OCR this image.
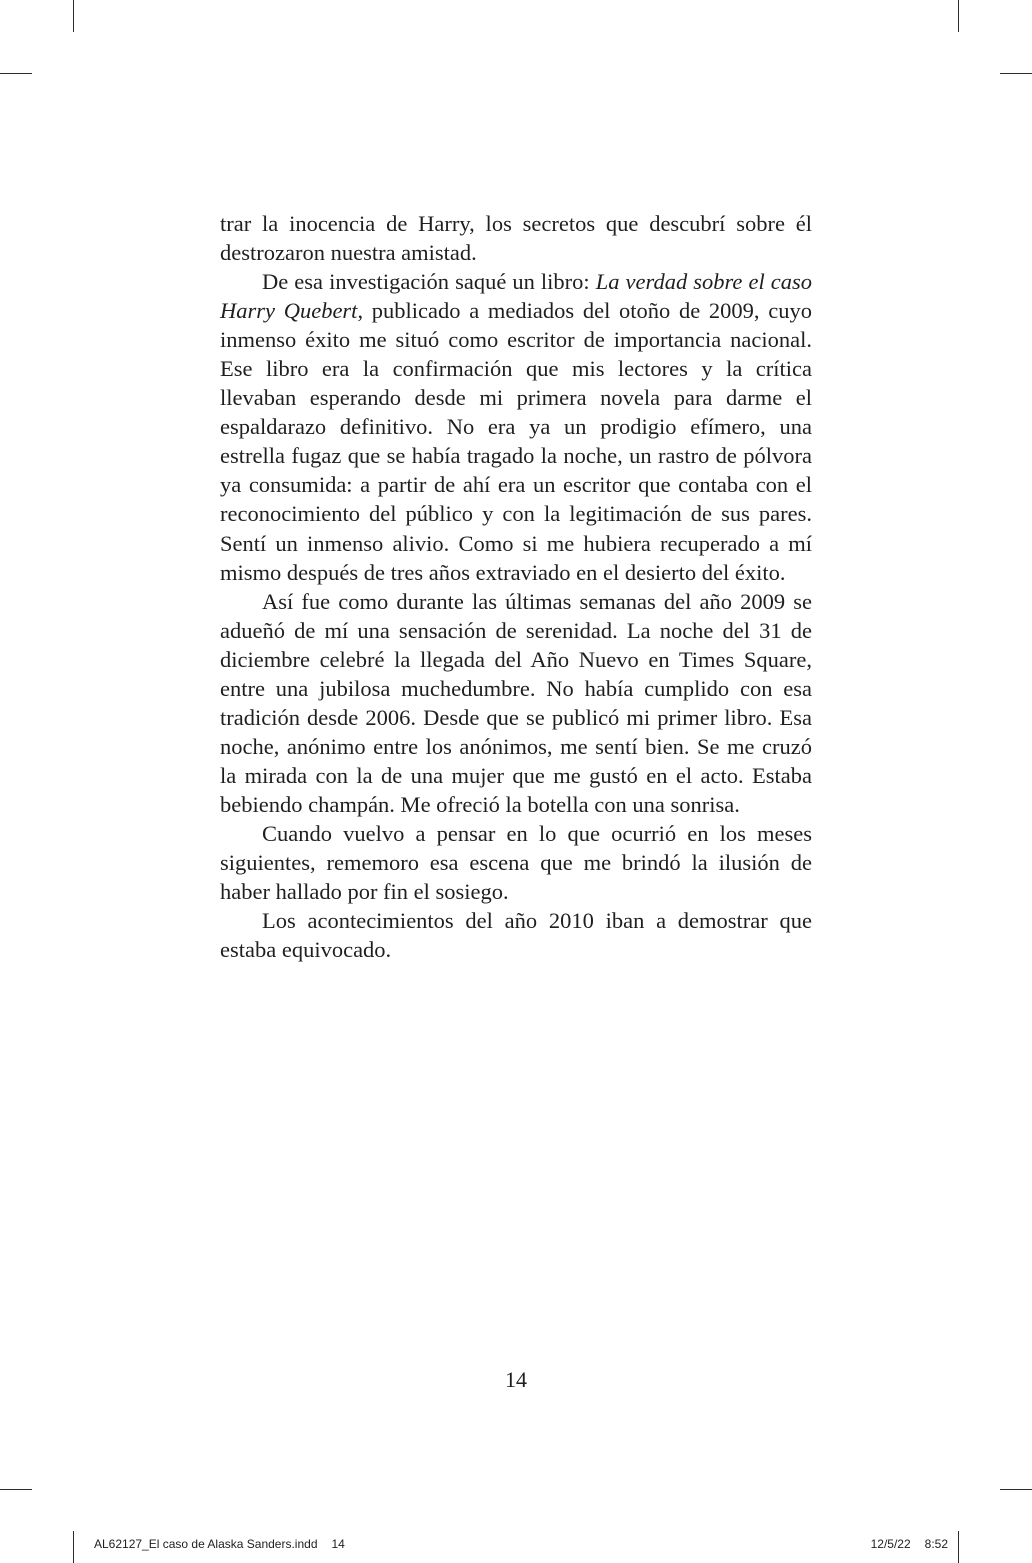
trar la inocencia de Harry, los secretos que descubrí sobre él destrozaron nuestra amistad.

De esa investigación saqué un libro: La verdad sobre el caso Harry Quebert, publicado a mediados del otoño de 2009, cuyo inmenso éxito me situó como escritor de importancia nacional. Ese libro era la confirmación que mis lectores y la crítica llevaban esperando desde mi primera novela para darme el espaldarazo definitivo. No era ya un prodigio efímero, una estrella fugaz que se había tragado la noche, un rastro de pólvora ya consumida: a partir de ahí era un escritor que contaba con el reconocimiento del público y con la legitimación de sus pares. Sentí un inmenso alivio. Como si me hubiera recuperado a mí mismo después de tres años extraviado en el desierto del éxito.

Así fue como durante las últimas semanas del año 2009 se adueñó de mí una sensación de serenidad. La noche del 31 de diciembre celebré la llegada del Año Nuevo en Times Square, entre una jubilosa muchedumbre. No había cumplido con esa tradición desde 2006. Desde que se publicó mi primer libro. Esa noche, anónimo entre los anónimos, me sentí bien. Se me cruzó la mirada con la de una mujer que me gustó en el acto. Estaba bebiendo champán. Me ofreció la botella con una sonrisa.

Cuando vuelvo a pensar en lo que ocurrió en los meses siguientes, rememoro esa escena que me brindó la ilusión de haber hallado por fin el sosiego.

Los acontecimientos del año 2010 iban a demostrar que estaba equivocado.

14
AL62127_El caso de Alaska Sanders.indd 14	12/5/22 8:52
